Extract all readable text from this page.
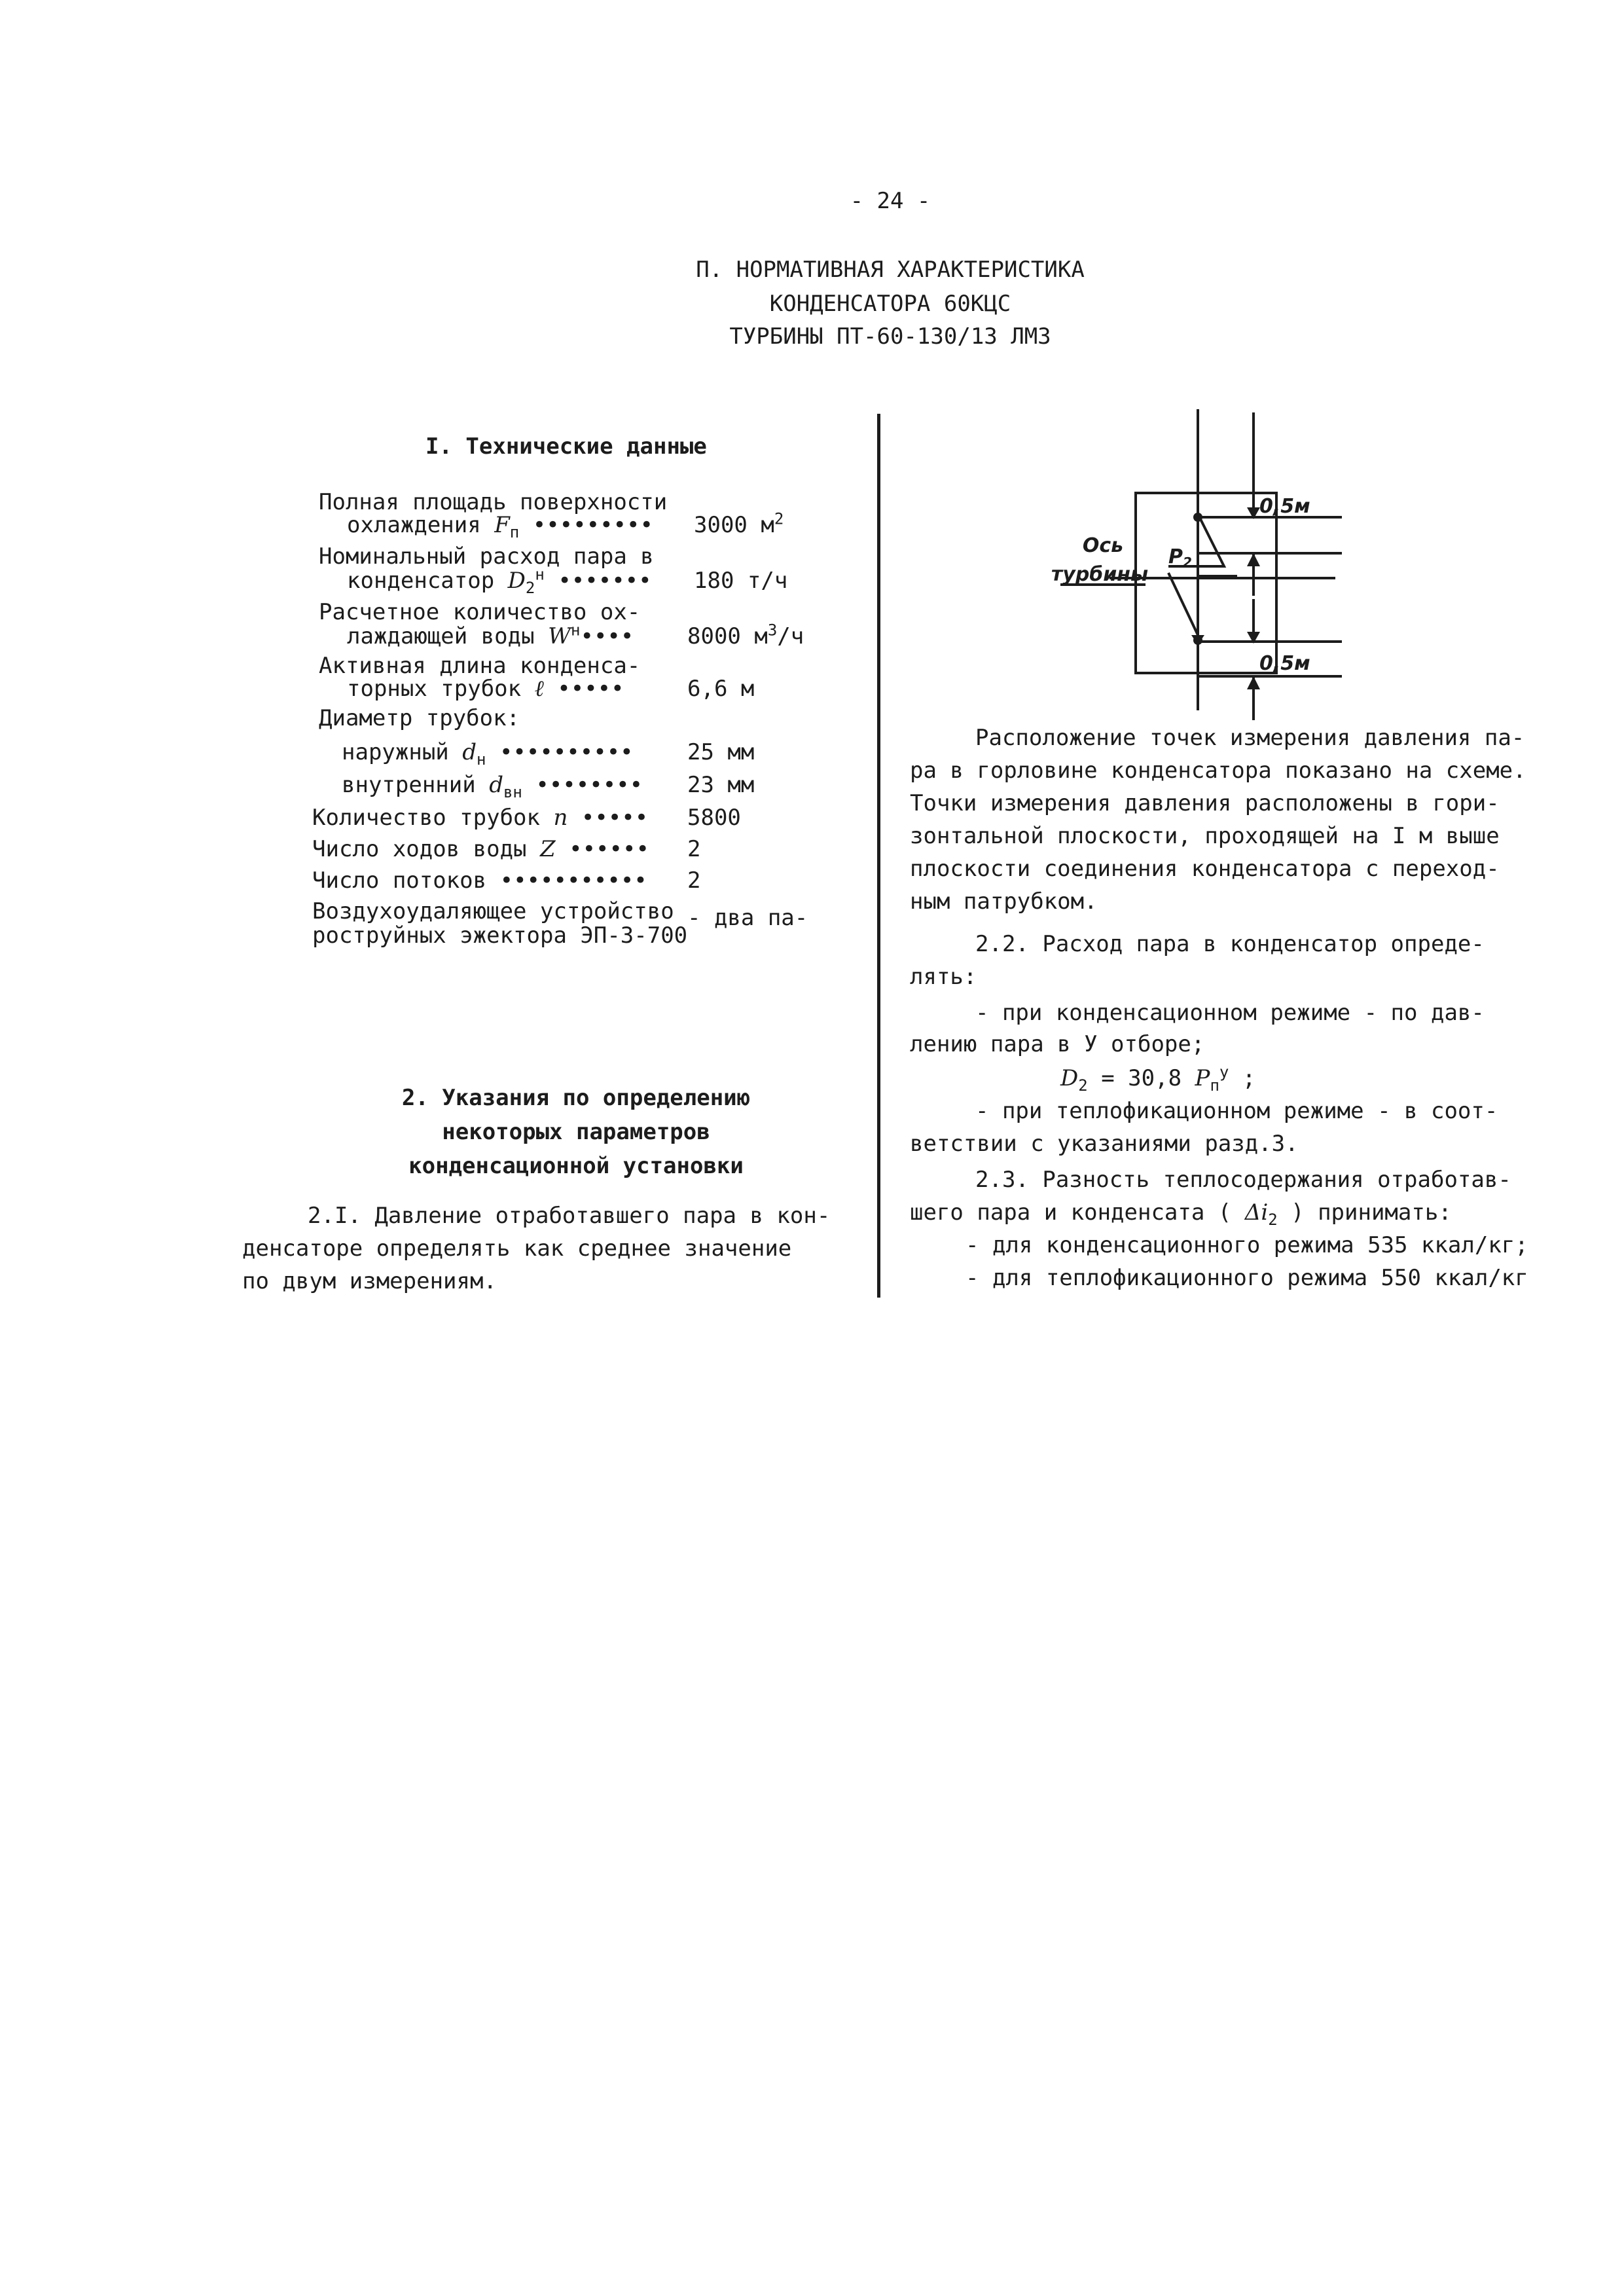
- 24 -
П. НОРМАТИВНАЯ ХАРАКТЕРИСТИКА
КОНДЕНСАТОРА 60КЦС
ТУРБИНЫ ПТ-60-130/13 ЛМЗ
I. Технические данные
Полная площадь поверхности
охлаждения $F_п$ ••••••••• 3000 $м^2$
Номинальный расход пара в
конденсатор $D_2^н$ ••••••• 180 т/ч
Расчетное количество ох-
лаждающей воды $W^н••••$ 8000 $м^3/ч$
Активная длина конденса-
торных трубок ℓ •••••	6,6 м
Диаметр трубок:
наружный $d_н$ •••••••••• 25 мм
внутренний $d_{вн}$ •••••••• 23 мм
Количество трубок n ••••• 5800
Число ходов воды Z •••••• 2
Число потоков ••••••••••• 2
Воздухоудаляющее устройство - два па-
роструйных эжектора ЭП-3-700
2. Указания по определению
некоторых параметров
конденсационной установки
2.I. Давление отработавшего пара в кон-
денсаторе определять как среднее значение
по двум измерениям.
Ось
турбины
$P_2$
0,5м
0,5м
Расположение точек измерения давления па-
ра в горловине конденсатора показано на схеме.
Точки измерения давления расположены в гори-
зонтальной плоскости, проходящей на I м выше
плоскости соединения конденсатора с переход-
ным патрубком.
2.2. Расход пара в конденсатор опреде-
лять:
- при конденсационном режиме - по дав-
лению пара в У отборе;
$D_2 = 30,8$ $P_п^у$ ;
- при теплофикационном режиме - в соот-
ветствии с указаниями разд.3.
2.3. Разность теплосодержания отработав-
шего пара и конденсата ( $\Delta i_2$ ) принимать:
- для конденсационного режима 535 ккал/кг;
- для теплофикационного режима 550 ккал/кг
